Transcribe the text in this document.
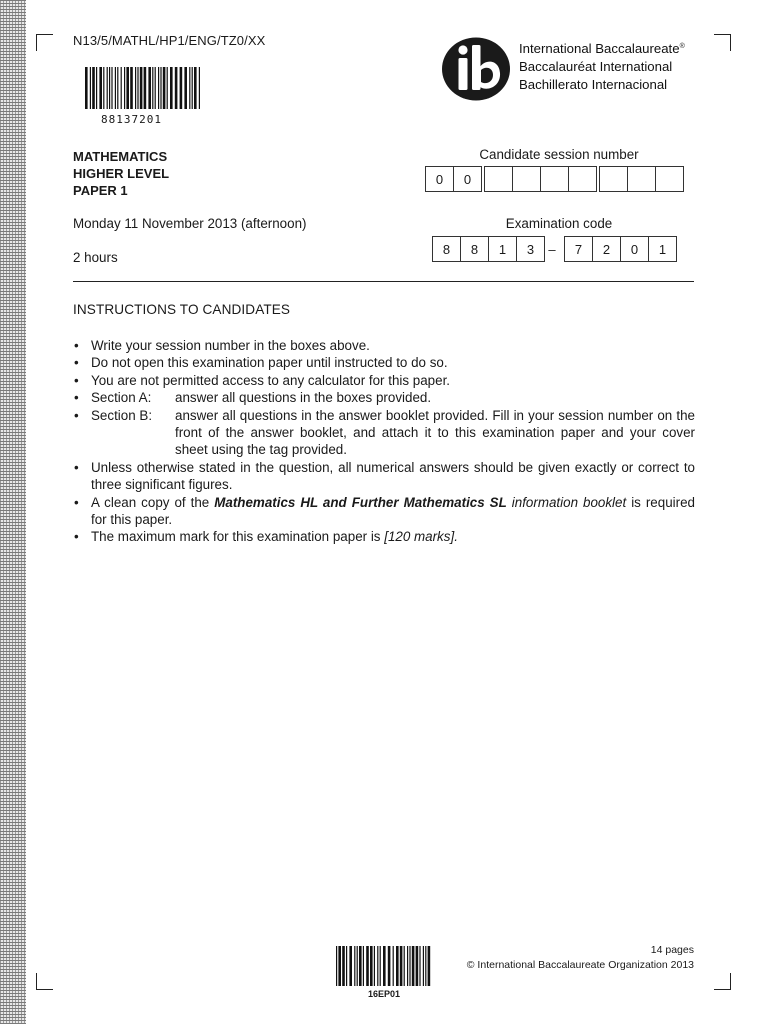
N13/5/MATHL/HP1/ENG/TZ0/XX
88137201
International Baccalaureate®
Baccalauréat International
Bachillerato Internacional
MATHEMATICS
HIGHER LEVEL
PAPER 1
Monday 11 November 2013 (afternoon)
2 hours
Candidate session number
0	0
Examination code
8	8	1	3	–	7	2	0	1
INSTRUCTIONS TO CANDIDATES
• Write your session number in the boxes above.
• Do not open this examination paper until instructed to do so.
• You are not permitted access to any calculator for this paper.
• Section A:	answer all questions in the boxes provided.
• Section B:	answer all questions in the answer booklet provided. Fill in your session number on the front of the answer booklet, and attach it to this examination paper and your cover sheet using the tag provided.
• Unless otherwise stated in the question, all numerical answers should be given exactly or correct to three significant figures.
• A clean copy of the Mathematics HL and Further Mathematics SL information booklet is required for this paper.
• The maximum mark for this examination paper is [120 marks].
16EP01
14 pages
© International Baccalaureate Organization 2013
